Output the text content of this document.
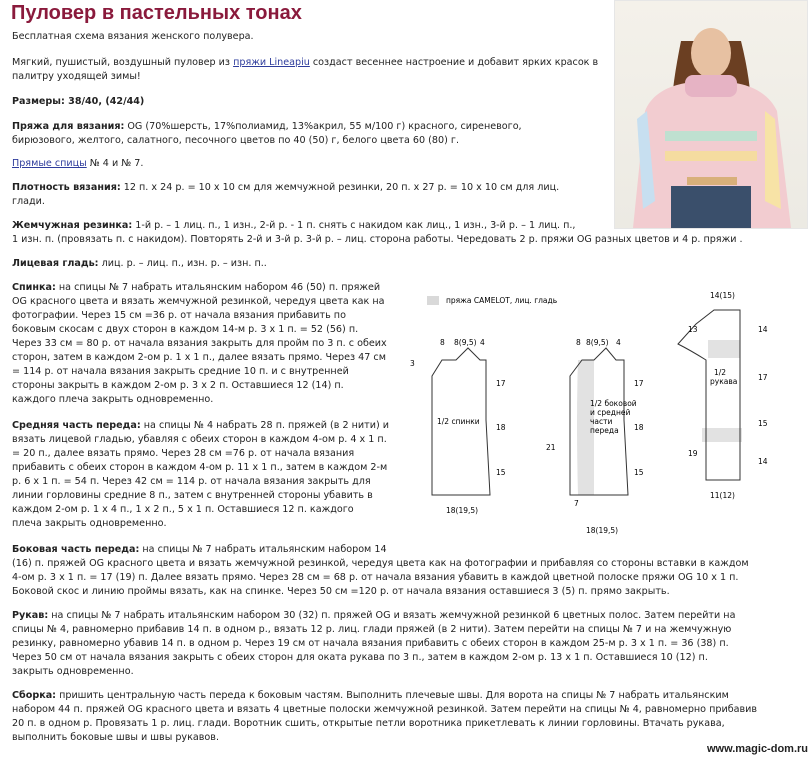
Пуловер в пастельных тонах

Бесплатная схема вязания женского полувера.

Мягкий, пушистый, воздушный пуловер из пряжи Lineapiu создаст весеннее настроение и добавит ярких красок в
палитру уходящей зимы!

Размеры: 38/40, (42/44)

Пряжа для вязания: OG (70%шерсть, 17%полиамид, 13%акрил, 55 м/100 г) красного, сиреневого,
бирюзового, желтого, салатного, песочного цветов по 40 (50) г, белого цвета 60 (80) г.

Прямые спицы № 4 и № 7.

Плотность вязания: 12 п. х 24 р. = 10 х 10 см для жемчужной резинки, 20 п. х 27 р. = 10 х 10 см для лиц.
глади.

Жемчужная резинка: 1-й р. – 1 лиц. п., 1 изн., 2-й р. - 1 п. снять с накидом как лиц., 1 изн., 3-й р. – 1 лиц. п.,
1 изн. п. (провязать п. с накидом). Повторять 2-й и 3-й р. 3-й р. – лиц. сторона работы. Чередовать 2 р. пряжи OG разных цветов и 4 р. пряжи .

Лицевая гладь: лиц. р. – лиц. п., изн. р. – изн. п..

Спинка: на спицы № 7 набрать итальянским набором 46 (50) п. пряжей
OG красного цвета и вязать жемчужной резинкой, чередуя цвета как на
фотографии. Через 15 см =36 р. от начала вязания прибавить по
боковым скосам с двух сторон в каждом 14-м р. 3 х 1 п. = 52 (56) п.
Через 33 см = 80 р. от начала вязания закрыть для пройм по 3 п. с обеих
сторон, затем в каждом 2-ом р. 1 х 1 п., далее вязать прямо. Через 47 см
= 114 р. от начала вязания закрыть средние 10 п. и с внутренней
стороны закрыть в каждом 2-ом р. 3 х 2 п. Оставшиеся 12 (14) п.
каждого плеча закрыть одновременно.

Средняя часть переда: на спицы № 4 набрать 28 п. пряжей (в 2 нити) и
вязать лицевой гладью, убавляя с обеих сторон в каждом 4-ом р. 4 х 1 п.
= 20 п., далее вязать прямо. Через 28 см =76 р. от начала вязания
прибавить с обеих сторон в каждом 4-ом р. 11 х 1 п., затем в каждом 2-м
р. 6 х 1 п. = 54 п. Через 42 см = 114 р. от начала вязания закрыть для
линии горловины средние 8 п., затем с внутренней стороны убавить в
каждом 2-ом р. 1 х 4 п., 1 х 2 п., 5 х 1 п. Оставшиеся 12 п. каждого
плеча закрыть одновременно.

Боковая часть переда: на спицы № 7 набрать итальянским набором 14
(16) п. пряжей OG красного цвета и вязать жемчужной резинкой, чередуя цвета как на фотографии и прибавляя со стороны вставки в каждом
4-ом р. 3 х 1 п. = 17 (19) п. Далее вязать прямо. Через 28 см = 68 р. от начала вязания убавить в каждой цветной полоске пряжи OG 10 х 1 п.
Боковой скос и линию проймы вязать, как на спинке. Через 50 см =120 р. от начала вязания оставшиеся 3 (5) п. прямо закрыть.

Рукав: на спицы № 7 набрать итальянским набором 30 (32) п. пряжей OG и вязать жемчужной резинкой 6 цветных полос. Затем перейти на
спицы № 4, равномерно прибавив 14 п. в одном р., вязать 12 р. лиц. глади пряжей (в 2 нити). Затем перейти на спицы № 7 и на жемчужную
резинку, равномерно убавив 14 п. в одном р. Через 19 см от начала вязания прибавить с обеих сторон в каждом 25-м р. 3 х 1 п. = 36 (38) п.
Через 50 см от начала вязания закрыть с обеих сторон для оката рукава по 3 п., затем в каждом 2-ом р. 13 х 1 п. Оставшиеся 10 (12) п.
закрыть одновременно.

Сборка: пришить центральную часть переда к боковым частям. Выполнить плечевые швы. Для ворота на спицы № 7 набрать итальянским
набором 44 п. пряжей OG красного цвета и вязать 4 цветные полоски жемчужной резинкой. Затем перейти на спицы № 4, равномерно прибавив
20 п. в одном р. Провязать 1 р. лиц. глади. Воротник сшить, открытые петли воротника прикетлевать к линии горловины. Втачать рукава,
выполнить боковые швы и швы рукавов.

пряжа CAMELOT, лиц. гладь
1/2 спинки
8 8(9,5) 4
3
17
18
15
18(19,5)
1/2 боковой
и средней
части
переда
8 8(9,5) 4
21
17
18
15
7
18(19,5)
1/2
рукава
14(15)
13
19
14
17
15
14
11(12)
www.magic-dom.ru
